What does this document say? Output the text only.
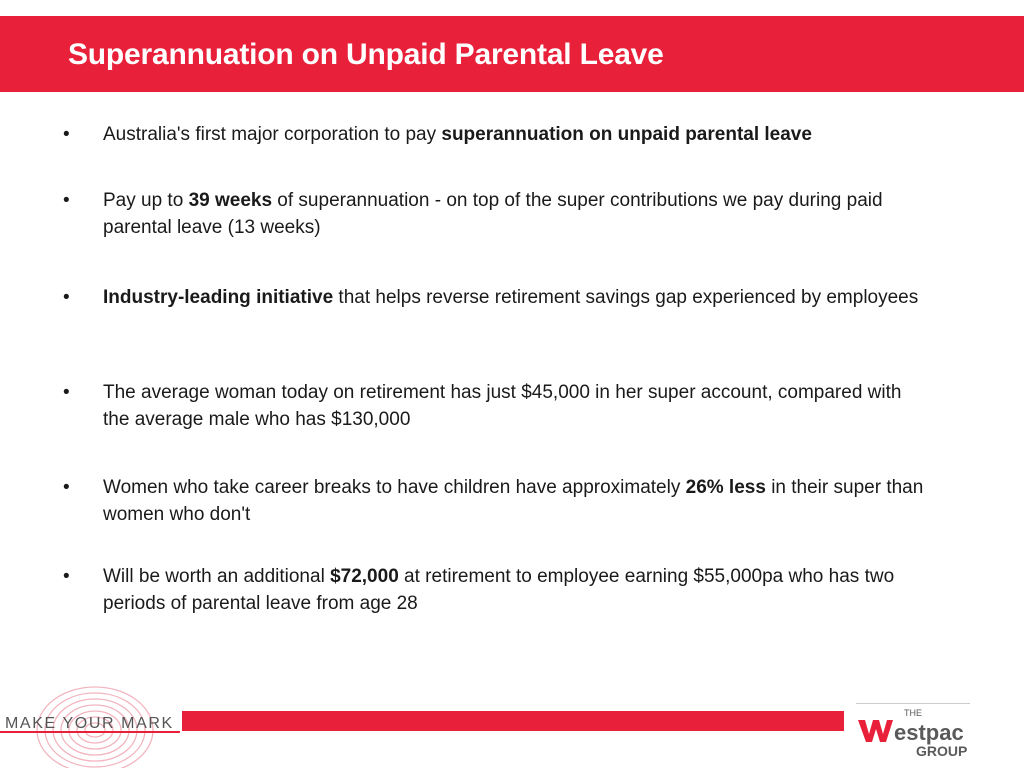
Superannuation on Unpaid Parental Leave
• Australia's first major corporation to pay superannuation on unpaid parental leave
• Pay up to 39 weeks of superannuation - on top of the super contributions we pay during paid parental leave (13 weeks)
• Industry-leading initiative that helps reverse retirement savings gap experienced by employees
• The average woman today on retirement has just $45,000 in her super account, compared with the average male who has $130,000
• Women who take career breaks to have children have approximately 26% less in their super than women who don't
• Will be worth an additional $72,000 at retirement to employee earning $55,000pa who has two periods of parental leave from age 28
MAKE YOUR MARK
THE
estpac
GROUP
